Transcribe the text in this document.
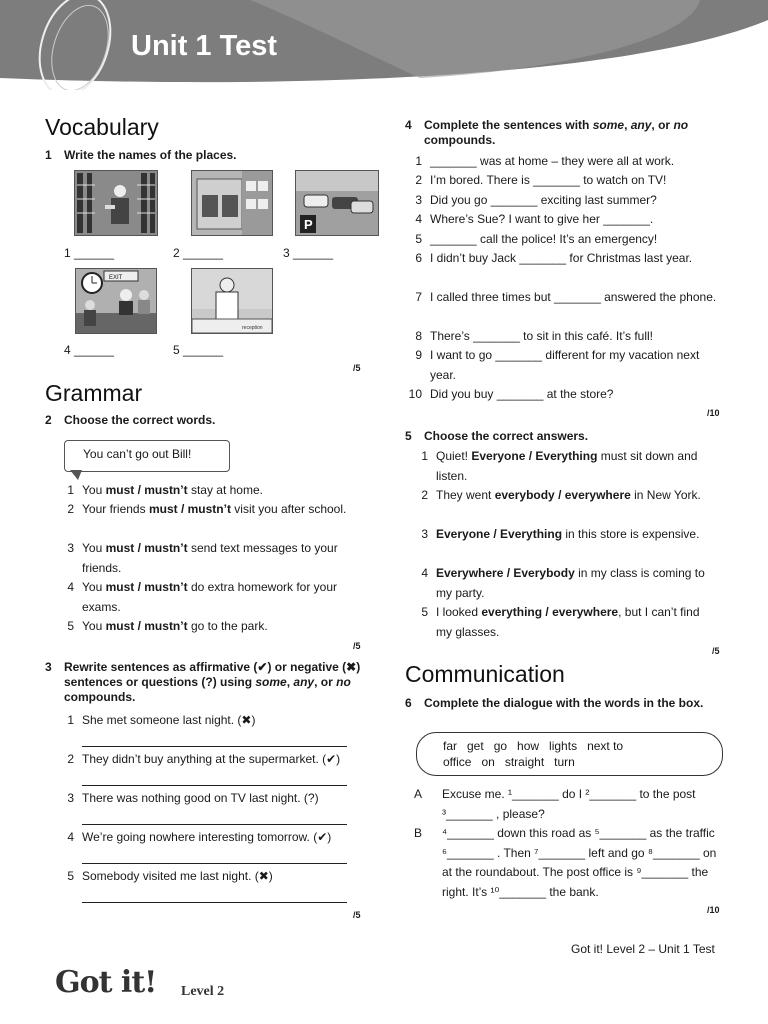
Unit 1 Test
Vocabulary
1	Write the names of the places.
P
EXIT
reception
1 ______	2 ______	3 ______
4 ______	5 ______
/5
Grammar
2	Choose the correct words.
You can’t go out Bill!
1 You must / mustn’t stay at home.
2 Your friends must / mustn’t visit you after school.
3 You must / mustn’t send text messages to your friends.
4 You must / mustn’t do extra homework for your exams.
5 You must / mustn’t go to the park.
/5
3	Rewrite sentences as affirmative (✔) or negative (✖) sentences or questions (?) using some, any, or no compounds.
1 She met someone last night. (✖)
2 They didn’t buy anything at the supermarket. (✔)
3 There was nothing good on TV last night. (?)
4 We’re going nowhere interesting tomorrow. (✔)
5 Somebody visited me last night. (✖)
/5
4	Complete the sentences with some, any, or no compounds.
1 _______ was at home – they were all at work.
2 I’m bored. There is _______ to watch on TV!
3 Did you go _______ exciting last summer?
4 Where’s Sue? I want to give her _______.
5 _______ call the police! It’s an emergency!
6 I didn’t buy Jack _______ for Christmas last year.
7 I called three times but _______ answered the phone.
8 There’s _______ to sit in this café. It’s full!
9 I want to go _______ different for my vacation next year.
10 Did you buy _______ at the store?
/10
5	Choose the correct answers.
1 Quiet! Everyone / Everything must sit down and listen.
2 They went everybody / everywhere in New York.
3 Everyone / Everything in this store is expensive.
4 Everywhere / Everybody in my class is coming to my party.
5 I looked everything / everywhere, but I can’t find my glasses.
/5
Communication
6	Complete the dialogue with the words in the box.
far   get   go   how   lights   next to
office   on   straight   turn
A	Excuse me. ¹_______ do I ²_______ to the post ³_______ , please?
B	⁴_______ down this road as ⁵_______ as the traffic ⁶_______ . Then ⁷_______ left and go ⁸_______ on at the roundabout. The post office is ⁹_______ the right. It’s ¹⁰_______ the bank.
/10
Got it! Level 2 – Unit 1 Test
Got it! Level 2
